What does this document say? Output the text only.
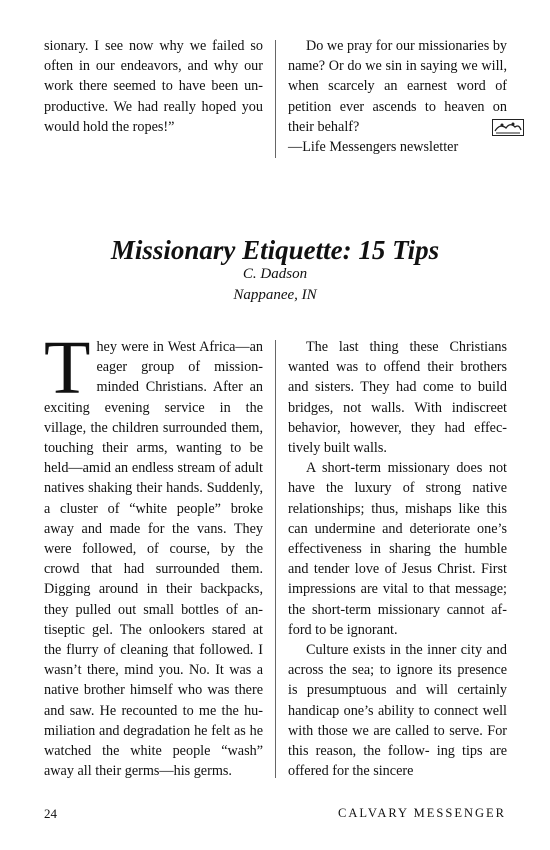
sionary. I see now why we failed so often in our endeavors, and why our work there seemed to have been un- productive. We had really hoped you would hold the ropes!”

Do we pray for our missionaries by name? Or do we sin in saying we will, when scarcely an earnest word of petition ever ascends to heaven on
their behalf?

—Life Messengers newsletter

Missionary Etiquette: 15 Tips
C. Dadson
Nappanee, IN

T hey were in West Africa—an eager group of mission- minded Christians. After an exciting evening service in the village, the children surrounded them, touching their arms, wanting to be held—amid an endless stream of adult natives shaking their hands. Suddenly, a cluster of “white people” broke away and made for the vans. They were followed, of course, by the crowd that had surrounded them. Digging around in their backpacks, they pulled out small bottles of an- tiseptic gel. The onlookers stared at the flurry of cleaning that followed. I wasn’t there, mind you. No. It was a native brother himself who was there and saw. He recounted to me the hu- miliation and degradation he felt as he watched the white people “wash” away all their germs—his germs.

The last thing these Christians wanted was to offend their brothers and sisters. They had come to build bridges, not walls. With indiscreet behavior, however, they had effec- tively built walls.

A short-term missionary does not have the luxury of strong native relationships; thus, mishaps like this can undermine and deteriorate one’s effectiveness in sharing the humble and tender love of Jesus Christ. First impressions are vital to that message; the short-term missionary cannot af- ford to be ignorant.

Culture exists in the inner city and across the sea; to ignore its presence is presumptuous and will certainly handicap one’s ability to connect well with those we are called to serve. For this reason, the follow- ing tips are offered for the sincere

24	CALVARY MESSENGER
